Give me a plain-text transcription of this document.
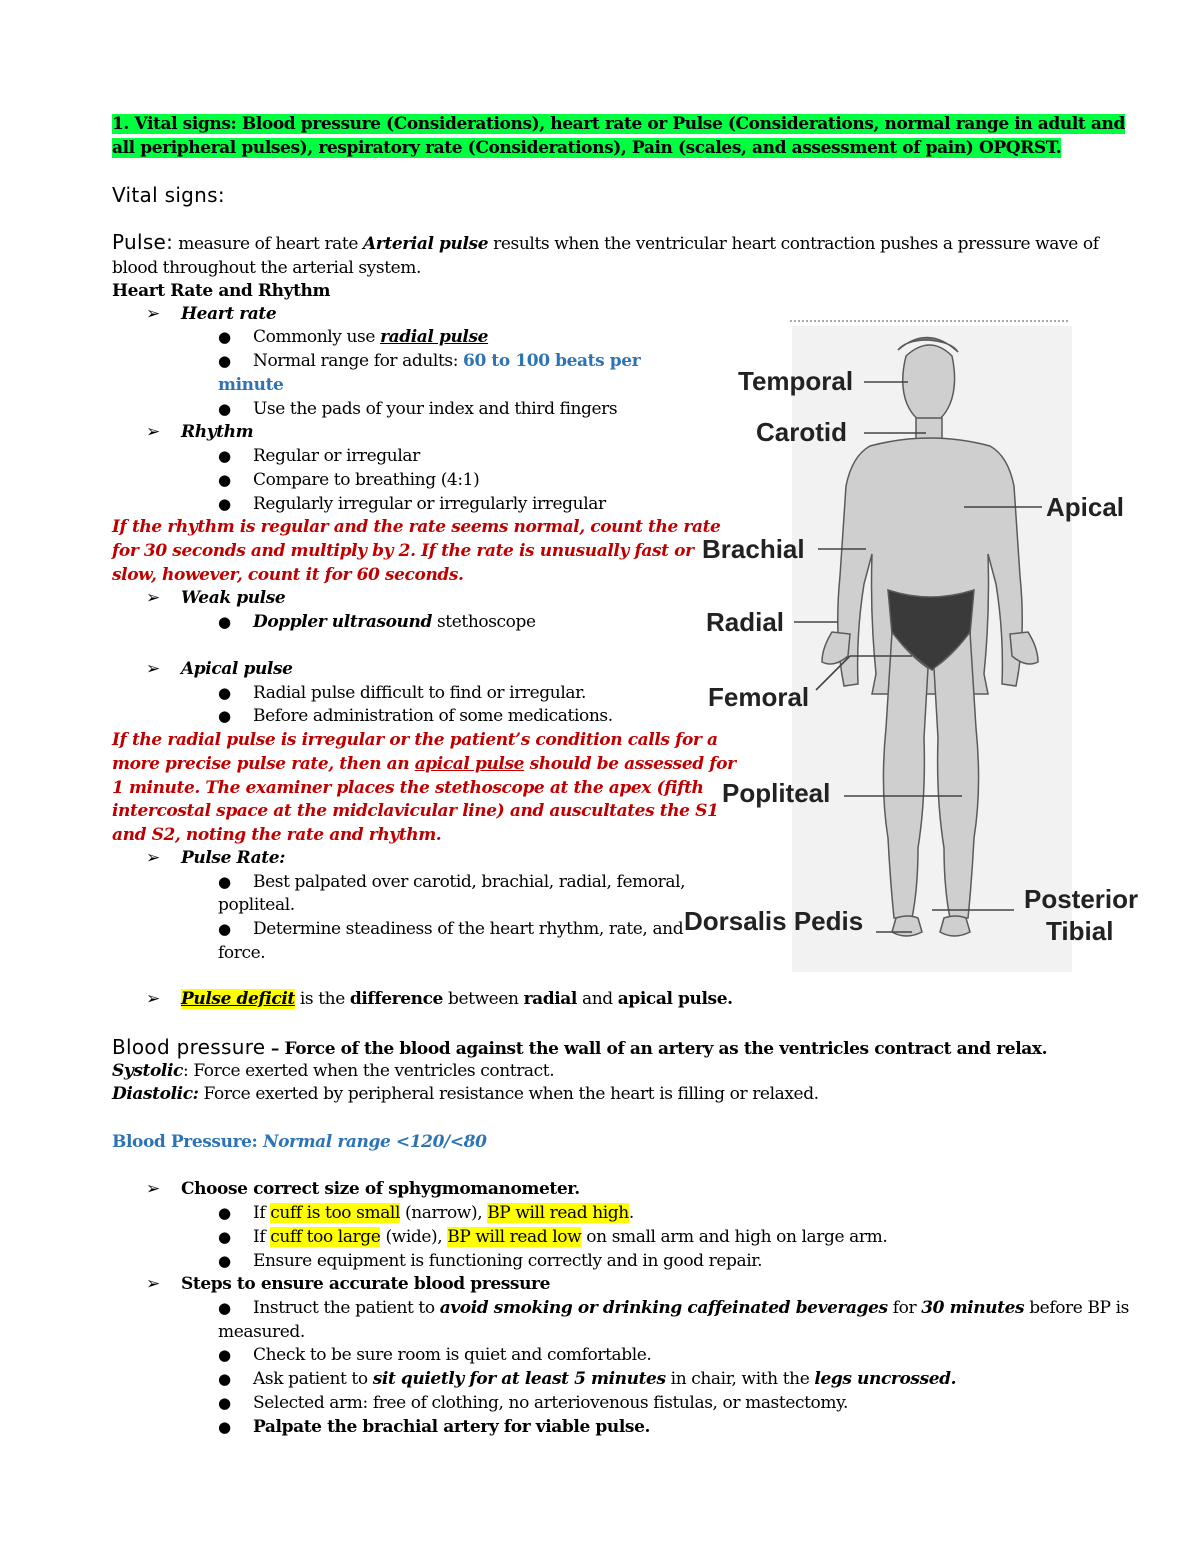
1. Vital signs: Blood pressure (Considerations), heart rate or Pulse (Considerations, normal range in adult and
all peripheral pulses), respiratory rate (Considerations), Pain (scales, and assessment of pain) OPQRST.
Vital signs:
Pulse: measure of heart rate Arterial pulse results when the ventricular heart contraction pushes a pressure wave of
blood throughout the arterial system.
Heart Rate and Rhythm
➢ Heart rate
● Commonly use radial pulse
● Normal range for adults: 60 to 100 beats per
minute
● Use the pads of your index and third fingers
➢ Rhythm
● Regular or irregular
● Compare to breathing (4:1)
● Regularly irregular or irregularly irregular
If the rhythm is regular and the rate seems normal, count the rate
for 30 seconds and multiply by 2. If the rate is unusually fast or
slow, however, count it for 60 seconds.
➢ Weak pulse
● Doppler ultrasound stethoscope
➢ Apical pulse
● Radial pulse difficult to find or irregular.
● Before administration of some medications.
If the radial pulse is irregular or the patient’s condition calls for a
more precise pulse rate, then an apical pulse should be assessed for
1 minute. The examiner places the stethoscope at the apex (fifth
intercostal space at the midclavicular line) and auscultates the S1
and S2, noting the rate and rhythm.
➢ Pulse Rate:
● Best palpated over carotid, brachial, radial, femoral,
popliteal.
● Determine steadiness of the heart rhythm, rate, and
force.
➢ Pulse deficit is the difference between radial and apical pulse.
Temporal
Carotid
Apical
Brachial
Radial
Femoral
Popliteal
Posterior
Tibial
Dorsalis Pedis
Blood pressure – Force of the blood against the wall of an artery as the ventricles contract and relax.
Systolic: Force exerted when the ventricles contract.
Diastolic: Force exerted by peripheral resistance when the heart is filling or relaxed.
Blood Pressure: Normal range <120/<80
➢ Choose correct size of sphygmomanometer.
● If cuff is too small (narrow), BP will read high.
● If cuff too large (wide), BP will read low on small arm and high on large arm.
● Ensure equipment is functioning correctly and in good repair.
➢ Steps to ensure accurate blood pressure
● Instruct the patient to avoid smoking or drinking caffeinated beverages for 30 minutes before BP is
measured.
● Check to be sure room is quiet and comfortable.
● Ask patient to sit quietly for at least 5 minutes in chair, with the legs uncrossed.
● Selected arm: free of clothing, no arteriovenous fistulas, or mastectomy.
● Palpate the brachial artery for viable pulse.
